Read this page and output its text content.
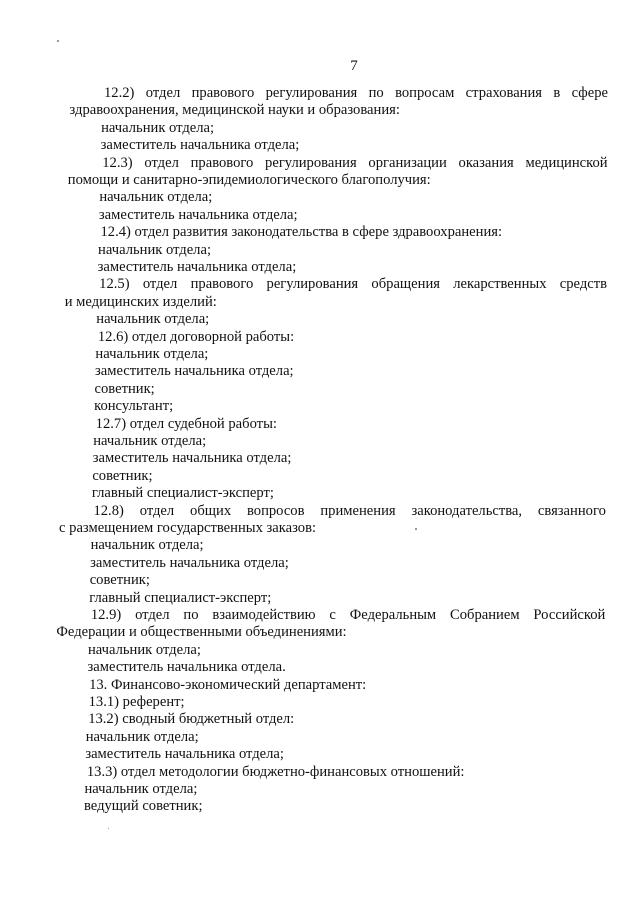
7
12.2) отдел правового регулирования по вопросам страхования в сфере
здравоохранения, медицинской науки и образования:
начальник отдела;
заместитель начальника отдела;
12.3) отдел правового регулирования организации оказания медицинской
помощи и санитарно-эпидемиологического благополучия:
начальник отдела;
заместитель начальника отдела;
12.4) отдел развития законодательства в сфере здравоохранения:
начальник отдела;
заместитель начальника отдела;
12.5) отдел правового регулирования обращения лекарственных средств
и медицинских изделий:
начальник отдела;
12.6) отдел договорной работы:
начальник отдела;
заместитель начальника отдела;
советник;
консультант;
12.7) отдел судебной работы:
начальник отдела;
заместитель начальника отдела;
советник;
главный специалист-эксперт;
12.8) отдел общих вопросов применения законодательства, связанного
с размещением государственных заказов:
начальник отдела;
заместитель начальника отдела;
советник;
главный специалист-эксперт;
12.9) отдел по взаимодействию с Федеральным Собранием Российской
Федерации и общественными объединениями:
начальник отдела;
заместитель начальника отдела.
13. Финансово-экономический департамент:
13.1) референт;
13.2) сводный бюджетный отдел:
начальник отдела;
заместитель начальника отдела;
13.3) отдел методологии бюджетно-финансовых отношений:
начальник отдела;
ведущий советник;
